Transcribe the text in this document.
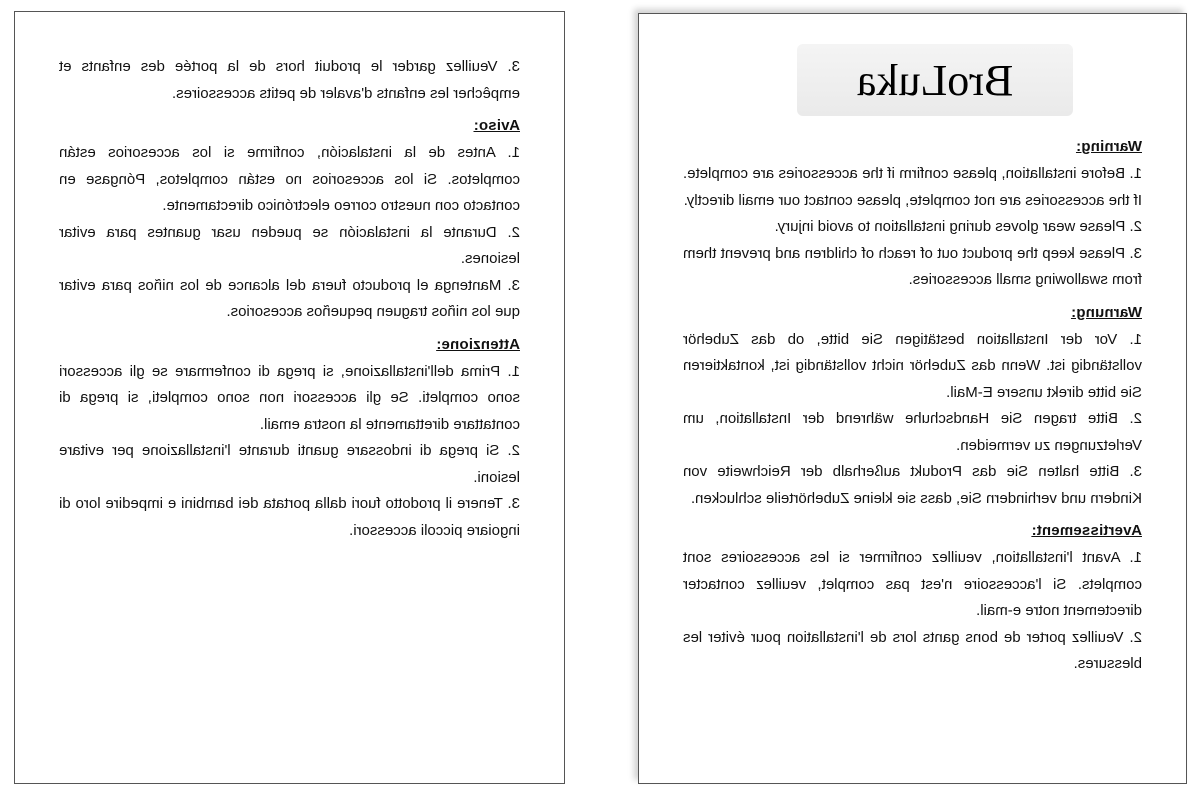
3. Veuillez garder le produit hors de la portée des enfants et empêcher les enfants d'avaler de petits accessoires.

Aviso:

1. Antes de la instalación, confirme si los accesorios están completos. Si los accesorios no están completos, Póngase en contacto con nuestro correo electrónico directamente.

2. Durante la instalación se pueden usar guantes para evitar lesiones.

3. Mantenga el producto fuera del alcance de los niños para evitar que los niños traguen pequeños accesorios.

Attenzione:

1. Prima dell'installazione, si prega di confermare se gli accessori sono completi. Se gli accessori non sono completi, si prega di contattare direttamente la nostra email.

2. Si prega di indossare guanti durante l'installazione per evitare lesioni.

3. Tenere il prodotto fuori dalla portata dei bambini e impedire loro di ingoiare piccoli accessori.

BroLuka
Warning:

1. Before installation, please confirm if the accessories are complete. If the accessories are not complete, please contact our email directly.

2. Please wear gloves during installation to avoid injury.

3. Please keep the product out of reach of children and prevent them from swallowing small accessories.

Warnung:

1. Vor der Installation bestätigen Sie bitte, ob das Zubehör vollständig ist. Wenn das Zubehör nicht vollständig ist, kontaktieren Sie bitte direkt unsere E-Mail.

2. Bitte tragen Sie Handschuhe während der Installation, um Verletzungen zu vermeiden.

3. Bitte halten Sie das Produkt außerhalb der Reichweite von Kindern und verhindern Sie, dass sie kleine Zubehörteile schlucken.

Avertissement:

1. Avant l'installation, veuillez confirmer si les accessoires sont complets. Si l'accessoire n'est pas complet, veuillez contacter directement notre e-mail.

2. Veuillez porter de bons gants lors de l'installation pour éviter les blessures.
